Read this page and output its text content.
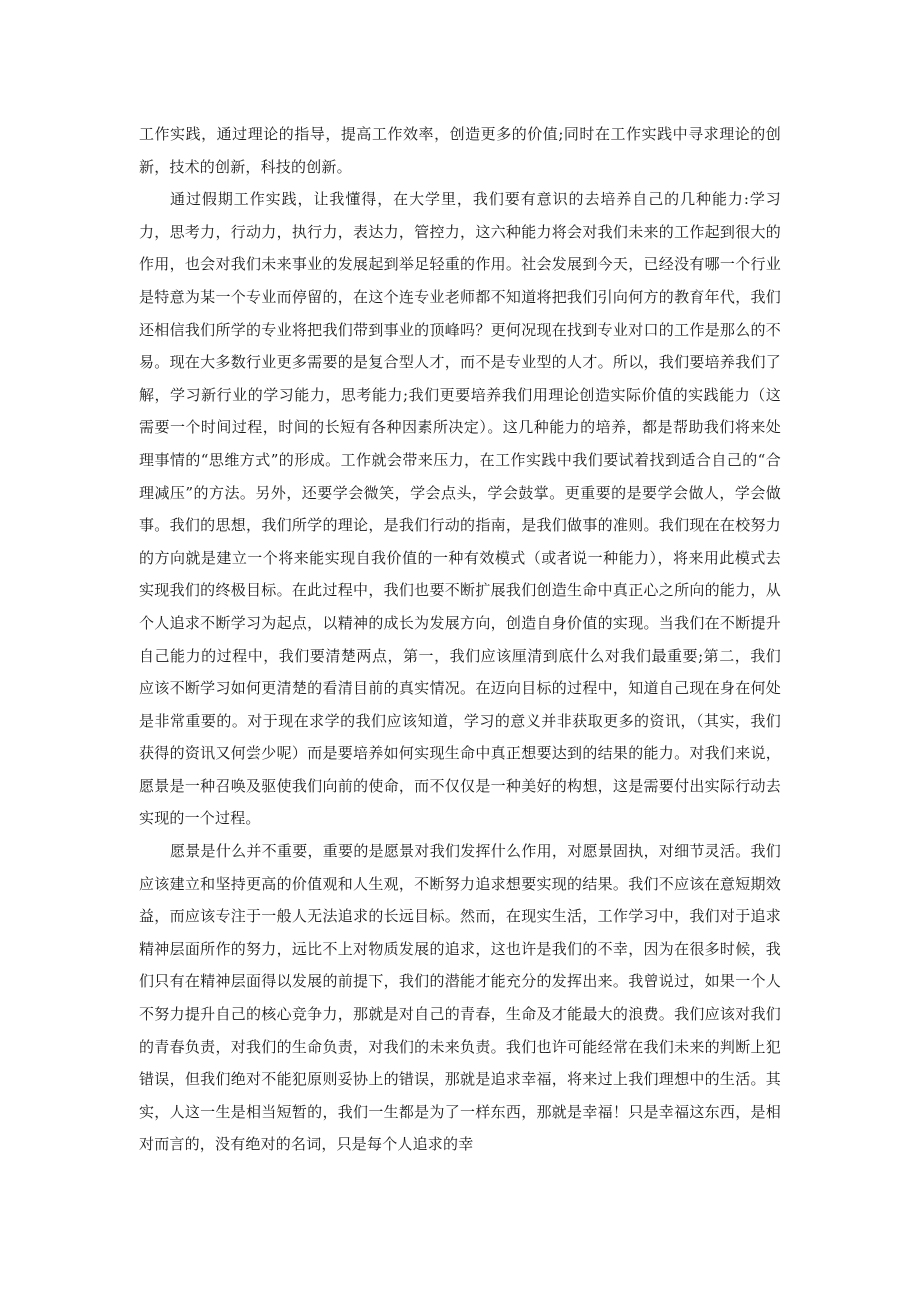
工作实践，通过理论的指导，提高工作效率，创造更多的价值;同时在工作实践中寻求理论的创新，技术的创新，科技的创新。

通过假期工作实践，让我懂得，在大学里，我们要有意识的去培养自己的几种能力:学习力，思考力，行动力，执行力，表达力，管控力，这六种能力将会对我们未来的工作起到很大的作用，也会对我们未来事业的发展起到举足轻重的作用。社会发展到今天，已经没有哪一个行业是特意为某一个专业而停留的，在这个连专业老师都不知道将把我们引向何方的教育年代，我们还相信我们所学的专业将把我们带到事业的顶峰吗？更何况现在找到专业对口的工作是那么的不易。现在大多数行业更多需要的是复合型人才，而不是专业型的人才。所以，我们要培养我们了解，学习新行业的学习能力，思考能力;我们更要培养我们用理论创造实际价值的实践能力（这需要一个时间过程，时间的长短有各种因素所决定）。这几种能力的培养，都是帮助我们将来处理事情的“思维方式”的形成。工作就会带来压力，在工作实践中我们要试着找到适合自己的“合理减压”的方法。另外，还要学会微笑，学会点头，学会鼓掌。更重要的是要学会做人，学会做事。我们的思想，我们所学的理论，是我们行动的指南，是我们做事的准则。我们现在在校努力的方向就是建立一个将来能实现自我价值的一种有效模式（或者说一种能力），将来用此模式去实现我们的终极目标。在此过程中，我们也要不断扩展我们创造生命中真正心之所向的能力，从个人追求不断学习为起点，以精神的成长为发展方向，创造自身价值的实现。当我们在不断提升自己能力的过程中，我们要清楚两点，第一，我们应该厘清到底什么对我们最重要;第二，我们应该不断学习如何更清楚的看清目前的真实情况。在迈向目标的过程中，知道自己现在身在何处是非常重要的。对于现在求学的我们应该知道，学习的意义并非获取更多的资讯，（其实，我们获得的资讯又何尝少呢）而是要培养如何实现生命中真正想要达到的结果的能力。对我们来说，愿景是一种召唤及驱使我们向前的使命，而不仅仅是一种美好的构想，这是需要付出实际行动去实现的一个过程。

愿景是什么并不重要，重要的是愿景对我们发挥什么作用，对愿景固执，对细节灵活。我们应该建立和坚持更高的价值观和人生观，不断努力追求想要实现的结果。我们不应该在意短期效益，而应该专注于一般人无法追求的长远目标。然而，在现实生活，工作学习中，我们对于追求精神层面所作的努力，远比不上对物质发展的追求，这也许是我们的不幸，因为在很多时候，我们只有在精神层面得以发展的前提下，我们的潜能才能充分的发挥出来。我曾说过，如果一个人不努力提升自己的核心竞争力，那就是对自己的青春，生命及才能最大的浪费。我们应该对我们的青春负责，对我们的生命负责，对我们的未来负责。我们也许可能经常在我们未来的判断上犯错误，但我们绝对不能犯原则妥协上的错误，那就是追求幸福，将来过上我们理想中的生活。其实，人这一生是相当短暂的，我们一生都是为了一样东西，那就是幸福！只是幸福这东西，是相对而言的，没有绝对的名词，只是每个人追求的幸
